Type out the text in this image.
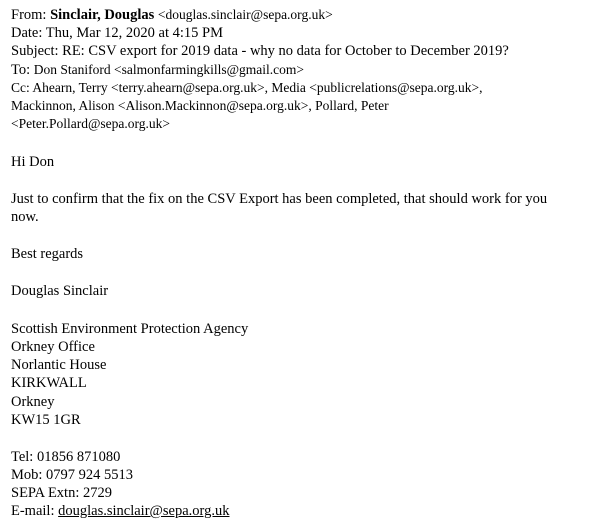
From: Sinclair, Douglas <douglas.sinclair@sepa.org.uk>
Date: Thu, Mar 12, 2020 at 4:15 PM
Subject: RE: CSV export for 2019 data - why no data for October to December 2019?
To: Don Staniford <salmonfarmingkills@gmail.com>
Cc: Ahearn, Terry <terry.ahearn@sepa.org.uk>, Media <publicrelations@sepa.org.uk>,
Mackinnon, Alison <Alison.Mackinnon@sepa.org.uk>, Pollard, Peter
<Peter.Pollard@sepa.org.uk>
Hi Don
Just to confirm that the fix on the CSV Export has been completed, that should work for you
now.
Best regards
Douglas Sinclair
Scottish Environment Protection Agency
Orkney Office
Norlantic House
KIRKWALL
Orkney
KW15 1GR
Tel: 01856 871080
Mob: 0797 924 5513
SEPA Extn: 2729
E-mail: douglas.sinclair@sepa.org.uk
